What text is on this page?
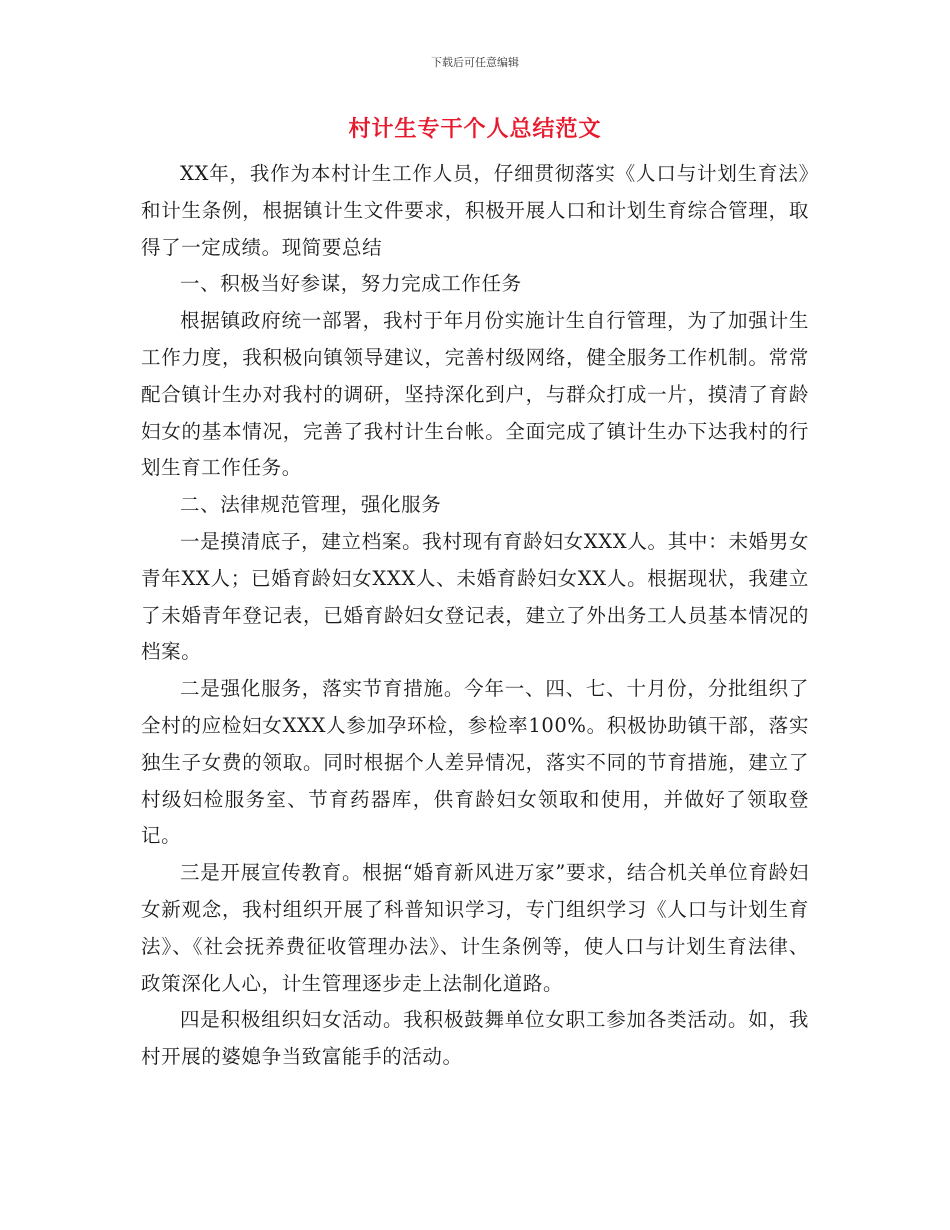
下载后可任意编辑
村计生专干个人总结范文

XX年，我作为本村计生工作人员，仔细贯彻落实《人口与计划生育法》和计生条例，根据镇计生文件要求，积极开展人口和计划生育综合管理，取得了一定成绩。现简要总结

一、积极当好参谋，努力完成工作任务

根据镇政府统一部署，我村于年月份实施计生自行管理，为了加强计生工作力度，我积极向镇领导建议，完善村级网络，健全服务工作机制。常常配合镇计生办对我村的调研，坚持深化到户，与群众打成一片，摸清了育龄妇女的基本情况，完善了我村计生台帐。全面完成了镇计生办下达我村的行划生育工作任务。

二、法律规范管理，强化服务

一是摸清底子，建立档案。我村现有育龄妇女XXX人。其中：未婚男女青年XX人；已婚育龄妇女XXX人、未婚育龄妇女XX人。根据现状，我建立了未婚青年登记表，已婚育龄妇女登记表，建立了外出务工人员基本情况的档案。

二是强化服务，落实节育措施。今年一、四、七、十月份，分批组织了全村的应检妇女XXX人参加孕环检，参检率100%。积极协助镇干部，落实独生子女费的领取。同时根据个人差异情况，落实不同的节育措施，建立了村级妇检服务室、节育药器库，供育龄妇女领取和使用，并做好了领取登记。

三是开展宣传教育。根据“婚育新风进万家”要求，结合机关单位育龄妇女新观念，我村组织开展了科普知识学习，专门组织学习《人口与计划生育法》、《社会抚养费征收管理办法》、计生条例等，使人口与计划生育法律、政策深化人心，计生管理逐步走上法制化道路。

四是积极组织妇女活动。我积极鼓舞单位女职工参加各类活动。如，我村开展的婆媳争当致富能手的活动。
